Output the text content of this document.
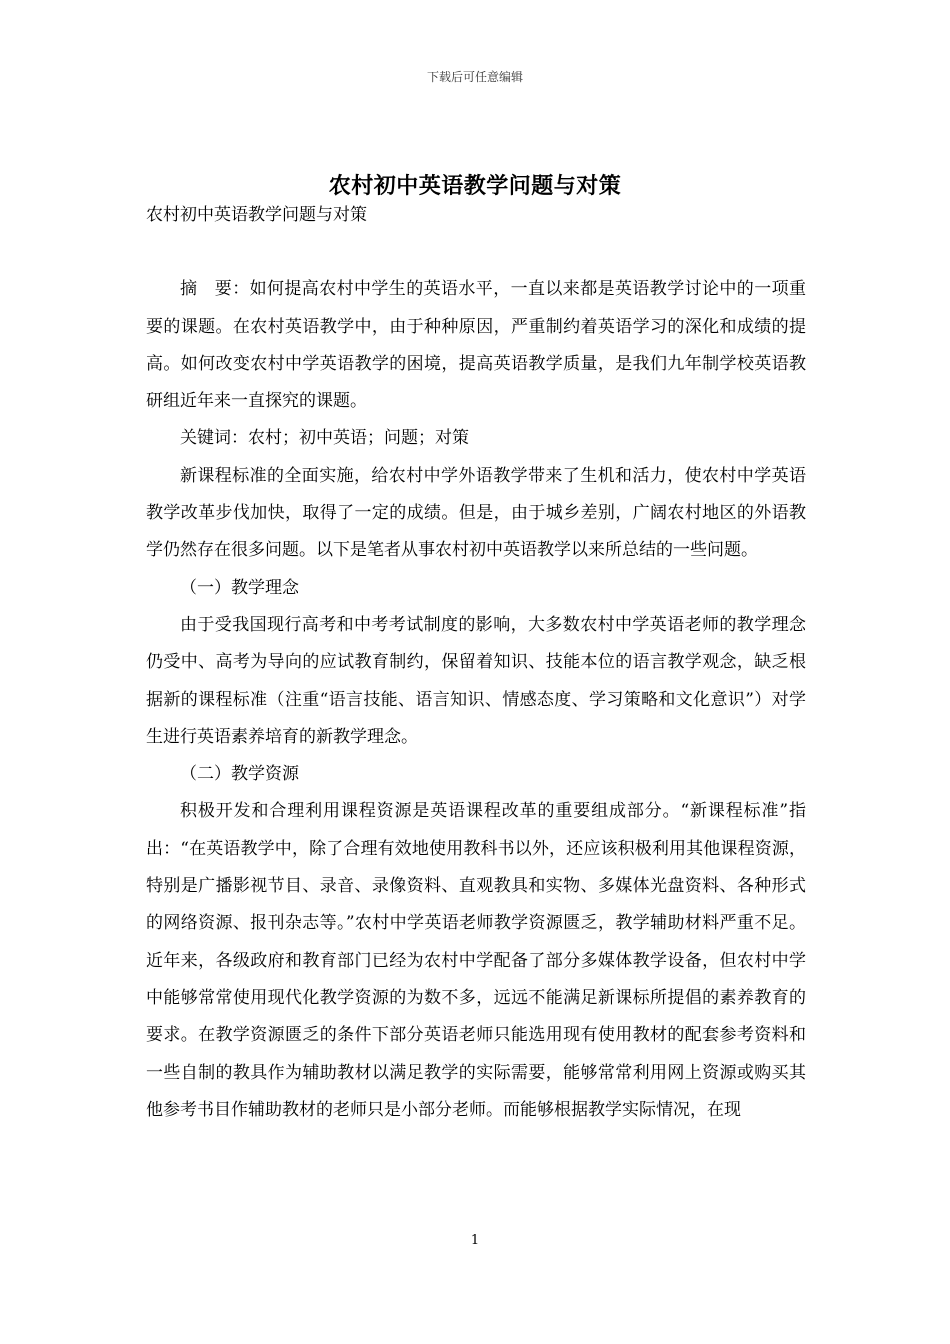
下载后可任意编辑
农村初中英语教学问题与对策

农村初中英语教学问题与对策

摘　要：如何提高农村中学生的英语水平，一直以来都是英语教学讨论中的一项重要的课题。在农村英语教学中，由于种种原因，严重制约着英语学习的深化和成绩的提高。如何改变农村中学英语教学的困境，提高英语教学质量，是我们九年制学校英语教研组近年来一直探究的课题。

关键词：农村；初中英语；问题；对策

新课程标准的全面实施，给农村中学外语教学带来了生机和活力，使农村中学英语教学改革步伐加快，取得了一定的成绩。但是，由于城乡差别，广阔农村地区的外语教学仍然存在很多问题。以下是笔者从事农村初中英语教学以来所总结的一些问题。

（一）教学理念

由于受我国现行高考和中考考试制度的影响，大多数农村中学英语老师的教学理念仍受中、高考为导向的应试教育制约，保留着知识、技能本位的语言教学观念，缺乏根据新的课程标准（注重“语言技能、语言知识、情感态度、学习策略和文化意识”）对学生进行英语素养培育的新教学理念。

（二）教学资源

积极开发和合理利用课程资源是英语课程改革的重要组成部分。“新课程标准”指出：“在英语教学中，除了合理有效地使用教科书以外，还应该积极利用其他课程资源，特别是广播影视节目、录音、录像资料、直观教具和实物、多媒体光盘资料、各种形式的网络资源、报刊杂志等。”农村中学英语老师教学资源匮乏，教学辅助材料严重不足。近年来，各级政府和教育部门已经为农村中学配备了部分多媒体教学设备，但农村中学中能够常常使用现代化教学资源的为数不多，远远不能满足新课标所提倡的素养教育的要求。在教学资源匮乏的条件下部分英语老师只能选用现有使用教材的配套参考资料和一些自制的教具作为辅助教材以满足教学的实际需要，能够常常利用网上资源或购买其他参考书目作辅助教材的老师只是小部分老师。而能够根据教学实际情况，在现

1
